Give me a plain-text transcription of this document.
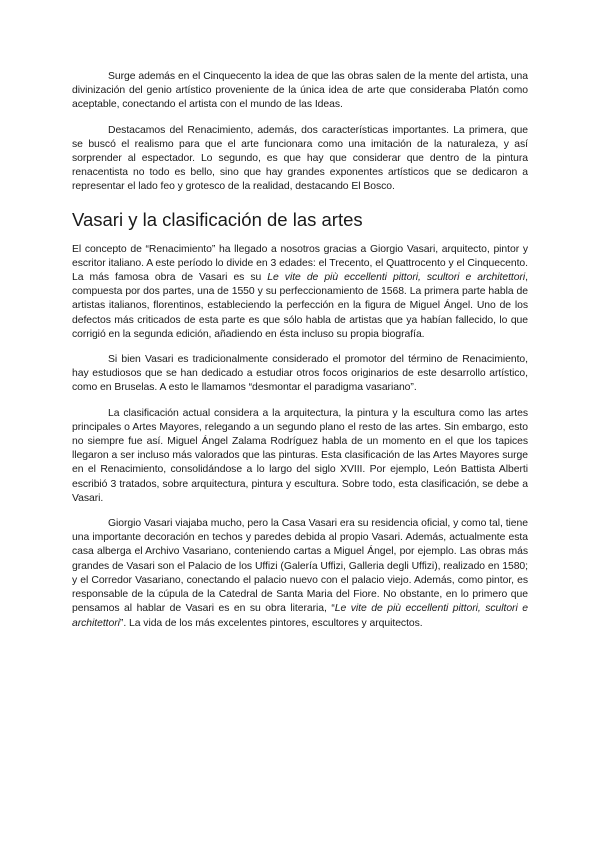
Surge además en el Cinquecento la idea de que las obras salen de la mente del artista, una divinización del genio artístico proveniente de la única idea de arte que consideraba Platón como aceptable, conectando el artista con el mundo de las Ideas.

Destacamos del Renacimiento, además, dos características importantes. La primera, que se buscó el realismo para que el arte funcionara como una imitación de la naturaleza, y así sorprender al espectador. Lo segundo, es que hay que considerar que dentro de la pintura renacentista no todo es bello, sino que hay grandes exponentes artísticos que se dedicaron a representar el lado feo y grotesco de la realidad, destacando El Bosco.

Vasari y la clasificación de las artes

El concepto de “Renacimiento” ha llegado a nosotros gracias a Giorgio Vasari, arquitecto, pintor y escritor italiano. A este período lo divide en 3 edades: el Trecento, el Quattrocento y el Cinquecento. La más famosa obra de Vasari es su Le vite de più eccellenti pittori, scultori e architettori, compuesta por dos partes, una de 1550 y su perfeccionamiento de 1568. La primera parte habla de artistas italianos, florentinos, estableciendo la perfección en la figura de Miguel Ángel. Uno de los defectos más criticados de esta parte es que sólo habla de artistas que ya habían fallecido, lo que corrigió en la segunda edición, añadiendo en ésta incluso su propia biografía.

Si bien Vasari es tradicionalmente considerado el promotor del término de Renacimiento, hay estudiosos que se han dedicado a estudiar otros focos originarios de este desarrollo artístico, como en Bruselas. A esto le llamamos “desmontar el paradigma vasariano”.

La clasificación actual considera a la arquitectura, la pintura y la escultura como las artes principales o Artes Mayores, relegando a un segundo plano el resto de las artes. Sin embargo, esto no siempre fue así. Miguel Ángel Zalama Rodríguez habla de un momento en el que los tapices llegaron a ser incluso más valorados que las pinturas. Esta clasificación de las Artes Mayores surge en el Renacimiento, consolidándose a lo largo del siglo XVIII. Por ejemplo, León Battista Alberti escribió 3 tratados, sobre arquitectura, pintura y escultura. Sobre todo, esta clasificación, se debe a Vasari.

Giorgio Vasari viajaba mucho, pero la Casa Vasari era su residencia oficial, y como tal, tiene una importante decoración en techos y paredes debida al propio Vasari. Además, actualmente esta casa alberga el Archivo Vasariano, conteniendo cartas a Miguel Ángel, por ejemplo. Las obras más grandes de Vasari son el Palacio de los Uffizi (Galería Uffizi, Galleria degli Uffizi), realizado en 1580; y el Corredor Vasariano, conectando el palacio nuevo con el palacio viejo. Además, como pintor, es responsable de la cúpula de la Catedral de Santa Maria del Fiore. No obstante, en lo primero que pensamos al hablar de Vasari es en su obra literaria, “Le vite de più eccellenti pittori, scultori e architettori”. La vida de los más excelentes pintores, escultores y arquitectos.
